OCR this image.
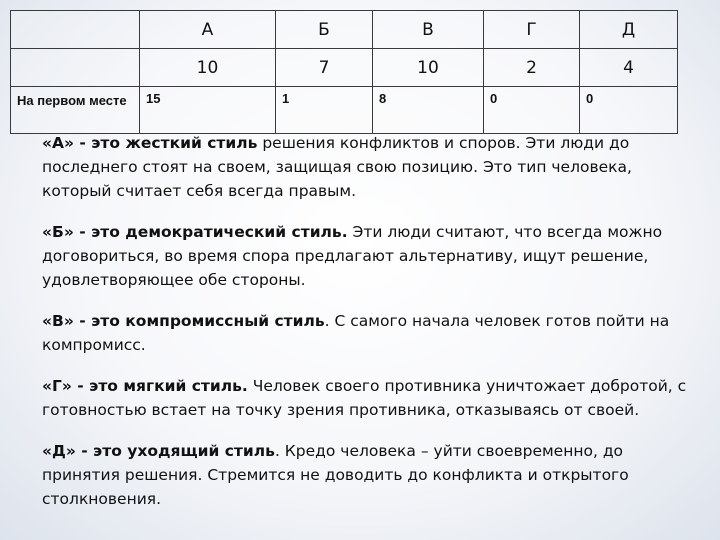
	А	Б	В	Г	Д
	10	7	10	2	4
На первом месте	15	1	8	0	0

«А» - это жесткий стиль решения конфликтов и споров. Эти люди до последнего стоят на своем, защищая свою позицию. Это тип человека, который считает себя всегда правым.

«Б» - это демократический стиль. Эти люди считают, что всегда можно договориться, во время спора предлагают альтернативу, ищут решение, удовлетворяющее обе стороны.

«В» - это компромиссный стиль. С самого начала человек готов пойти на компромисс.

«Г» - это мягкий стиль. Человек своего противника уничтожает добротой, с готовностью встает на точку зрения противника, отказываясь от своей.

«Д» - это уходящий стиль. Кредо человека – уйти своевременно, до принятия решения. Стремится не доводить до конфликта и открытого столкновения.
